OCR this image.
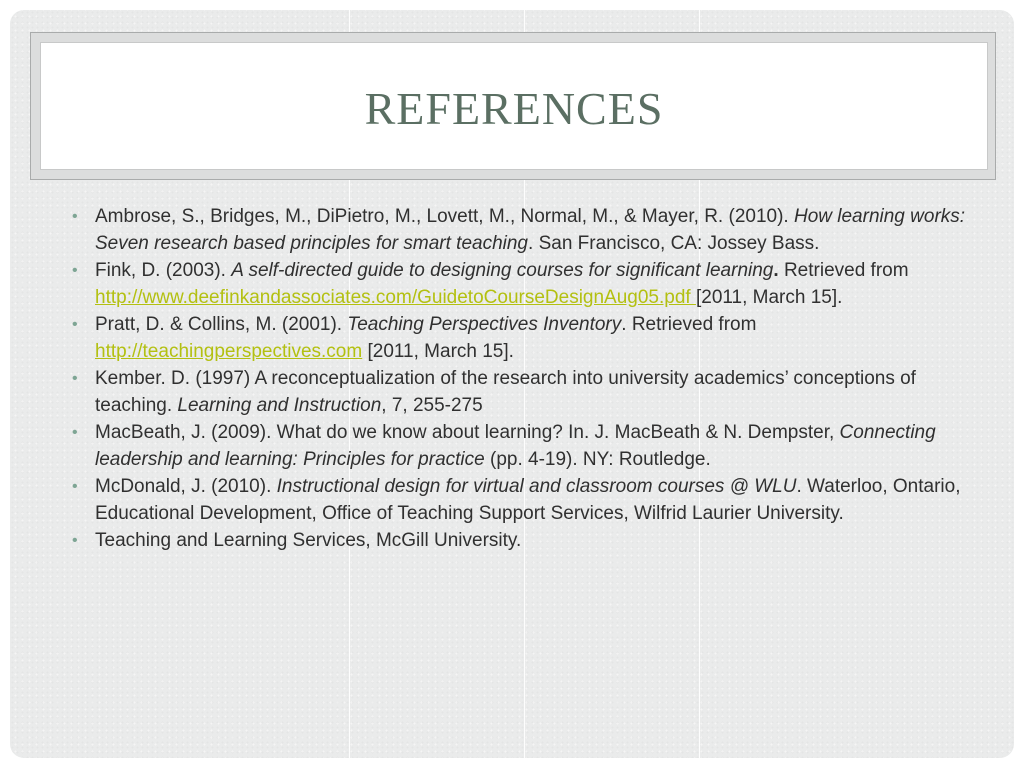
REFERENCES
• Ambrose, S., Bridges, M., DiPietro, M., Lovett, M., Normal, M., & Mayer, R. (2010). How learning works: Seven research based principles for smart teaching. San Francisco, CA: Jossey Bass.
• Fink, D. (2003). A self-directed guide to designing courses for significant learning. Retrieved from
http://www.deefinkandassociates.com/GuidetoCourseDesignAug05.pdf [2011, March 15].
• Pratt, D. & Collins, M. (2001). Teaching Perspectives Inventory. Retrieved from
http://teachingperspectives.com [2011, March 15].
• Kember. D. (1997) A reconceptualization of the research into university academics’ conceptions of teaching. Learning and Instruction, 7, 255-275
• MacBeath, J. (2009). What do we know about learning? In. J. MacBeath & N. Dempster, Connecting leadership and learning: Principles for practice (pp. 4-19). NY: Routledge.
• McDonald, J. (2010). Instructional design for virtual and classroom courses @ WLU. Waterloo, Ontario, Educational Development, Office of Teaching Support Services, Wilfrid Laurier University.
• Teaching and Learning Services, McGill University.
